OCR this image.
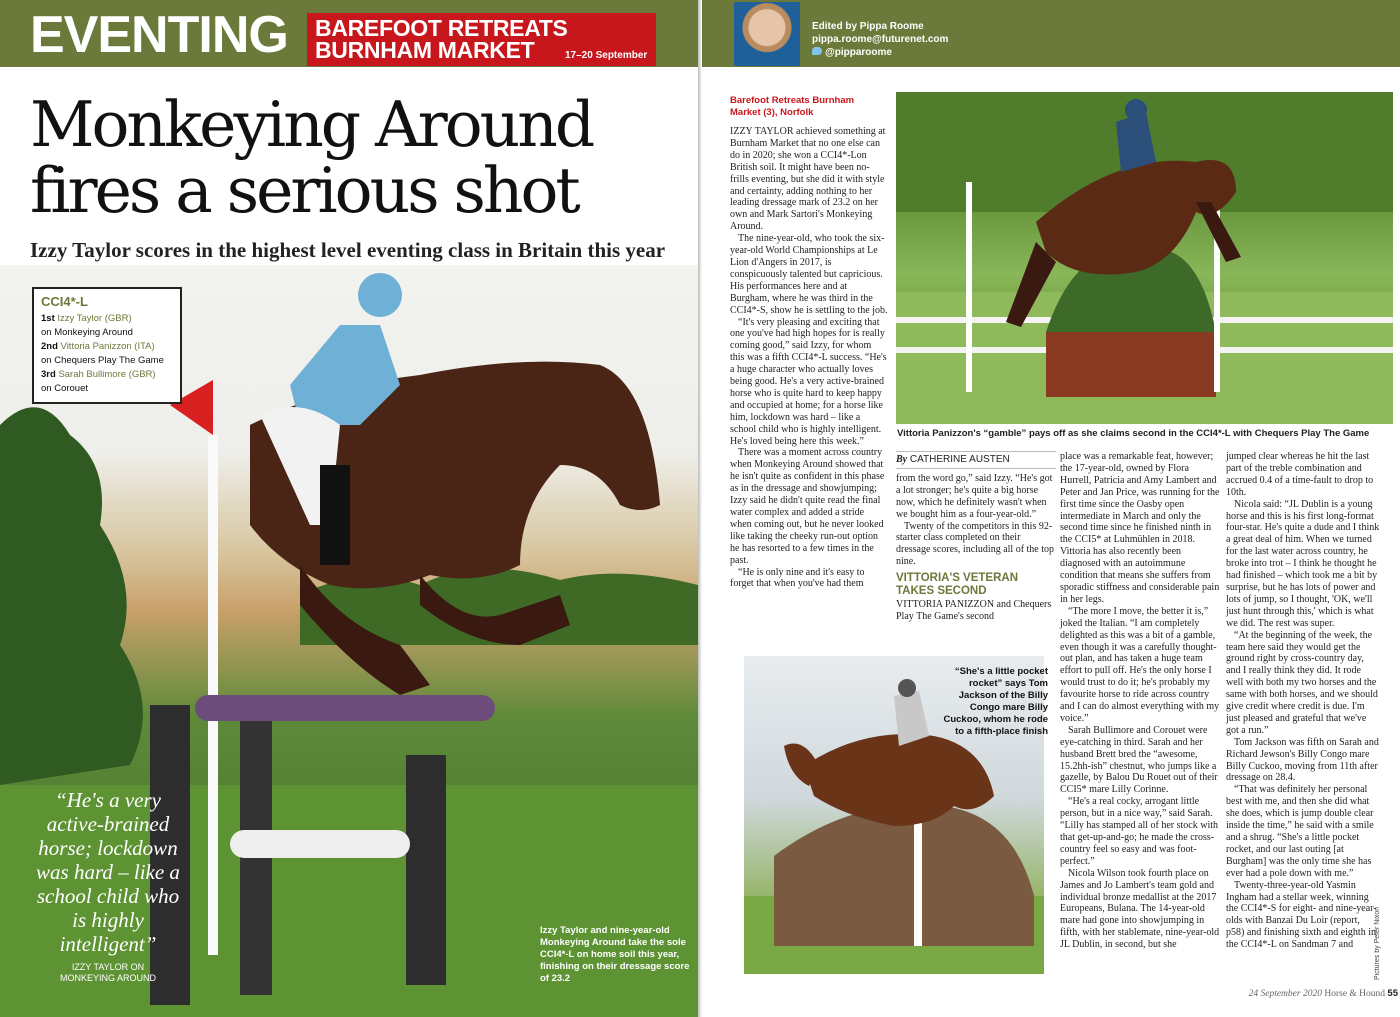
EVENTING BAREFOOT RETREATS
BURNHAM MARKET	17–20 September
Monkeying Around
fires a serious shot
Izzy Taylor scores in the highest level eventing class in Britain this year
CCI4*-L
1st Izzy Taylor (GBR)
on Monkeying Around
2nd Vittoria Panizzon (ITA)
on Chequers Play The Game
3rd Sarah Bullimore (GBR)
on Corouet
“He's a very active-brained horse; lockdown was hard – like a school child who is highly intelligent”
IZZY TAYLOR ON
MONKEYING AROUND
Izzy Taylor and nine-year-old Monkeying Around take the sole CCI4*-L on home soil this year, finishing on their dressage score of 23.2
Edited by Pippa Roome
pippa.roome@futurenet.com
@pipparoome
Barefoot Retreats Burnham Market (3), Norfolk

IZZY TAYLOR achieved something at Burnham Market that no one else can do in 2020; she won a CCI4*-Lon British soil. It might have been no-frills eventing, but she did it with style and certainty, adding nothing to her leading dressage mark of 23.2 on her own and Mark Sartori's Monkeying Around.

The nine-year-old, who took the six-year-old World Championships at Le Lion d'Angers in 2017, is conspicuously talented but capricious. His performances here and at Burgham, where he was third in the CCI4*-S, show he is settling to the job.

“It's very pleasing and exciting that one you've had high hopes for is really coming good,” said Izzy, for whom this was a fifth CCI4*-L success. “He's a huge character who actually loves being good. He's a very active-brained horse who is quite hard to keep happy and occupied at home; for a horse like him, lockdown was hard – like a school child who is highly intelligent. He's loved being here this week.”

There was a moment across country when Monkeying Around showed that he isn't quite as confident in this phase as in the dressage and showjumping; Izzy said he didn't quite read the final water complex and added a stride when coming out, but he never looked like taking the cheeky run-out option he has resorted to a few times in the past.

“He is only nine and it's easy to forget that when you've had them

Vittoria Panizzon's “gamble” pays off as she claims second in the CCI4*-L with Chequers Play The Game
By CATHERINE AUSTEN

from the word go,” said Izzy. “He's got a lot stronger; he's quite a big horse now, which he definitely wasn't when we bought him as a four-year-old.”

Twenty of the competitors in this 92-starter class completed on their dressage scores, including all of the top nine.

VITTORIA'S VETERAN TAKES SECOND

VITTORIA PANIZZON and Chequers Play The Game's second

“She's a little pocket rocket” says Tom Jackson of the Billy Congo mare Billy Cuckoo, whom he rode to a fifth-place finish

place was a remarkable feat, however; the 17-year-old, owned by Flora Hurrell, Patricia and Amy Lambert and Peter and Jan Price, was running for the first time since the Oasby open intermediate in March and only the second time since he finished ninth in the CCI5* at Luhmühlen in 2018. Vittoria has also recently been diagnosed with an autoimmune condition that means she suffers from sporadic stiffness and considerable pain in her legs.

“The more I move, the better it is,” joked the Italian. “I am completely delighted as this was a bit of a gamble, even though it was a carefully thought-out plan, and has taken a huge team effort to pull off. He's the only horse I would trust to do it; he's probably my favourite horse to ride across country and I can do almost everything with my voice.”

Sarah Bullimore and Corouet were eye-catching in third. Sarah and her husband Brett bred the “awesome, 15.2hh-ish” chestnut, who jumps like a gazelle, by Balou Du Rouet out of their CCI5* mare Lilly Corinne.

“He's a real cocky, arrogant little person, but in a nice way,” said Sarah. “Lilly has stamped all of her stock with that get-up-and-go; he made the cross-country feel so easy and was foot-perfect.”

Nicola Wilson took fourth place on James and Jo Lambert's team gold and individual bronze medallist at the 2017 Europeans, Bulana. The 14-year-old mare had gone into showjumping in fifth, with her stablemate, nine-year-old JL Dublin, in second, but she

jumped clear whereas he hit the last part of the treble combination and accrued 0.4 of a time-fault to drop to 10th.

Nicola said: “JL Dublin is a young horse and this is his first long-format four-star. He's quite a dude and I think a great deal of him. When we turned for the last water across country, he broke into trot – I think he thought he had finished – which took me a bit by surprise, but he has lots of power and lots of jump, so I thought, 'OK, we'll just hunt through this,' which is what we did. The rest was super.

“At the beginning of the week, the team here said they would get the ground right by cross-country day, and I really think they did. It rode well with both my two horses and the same with both horses, and we should give credit where credit is due. I'm just pleased and grateful that we've got a run.”

Tom Jackson was fifth on Sarah and Richard Jewson's Billy Congo mare Billy Cuckoo, moving from 11th after dressage on 28.4.

“That was definitely her personal best with me, and then she did what she does, which is jump double clear inside the time,” he said with a smile and a shrug. “She's a little pocket rocket, and our last outing [at Burgham] was the only time she has ever had a pole down with me.”

Twenty-three-year-old Yasmin Ingham had a stellar week, winning the CCI4*-S for eight- and nine-year-olds with Banzai Du Loir (report, p58) and finishing sixth and eighth in the CCI4*-L on Sandman 7 and	Pictures by Peter Nixon
24 September 2020 Horse & Hound 55
